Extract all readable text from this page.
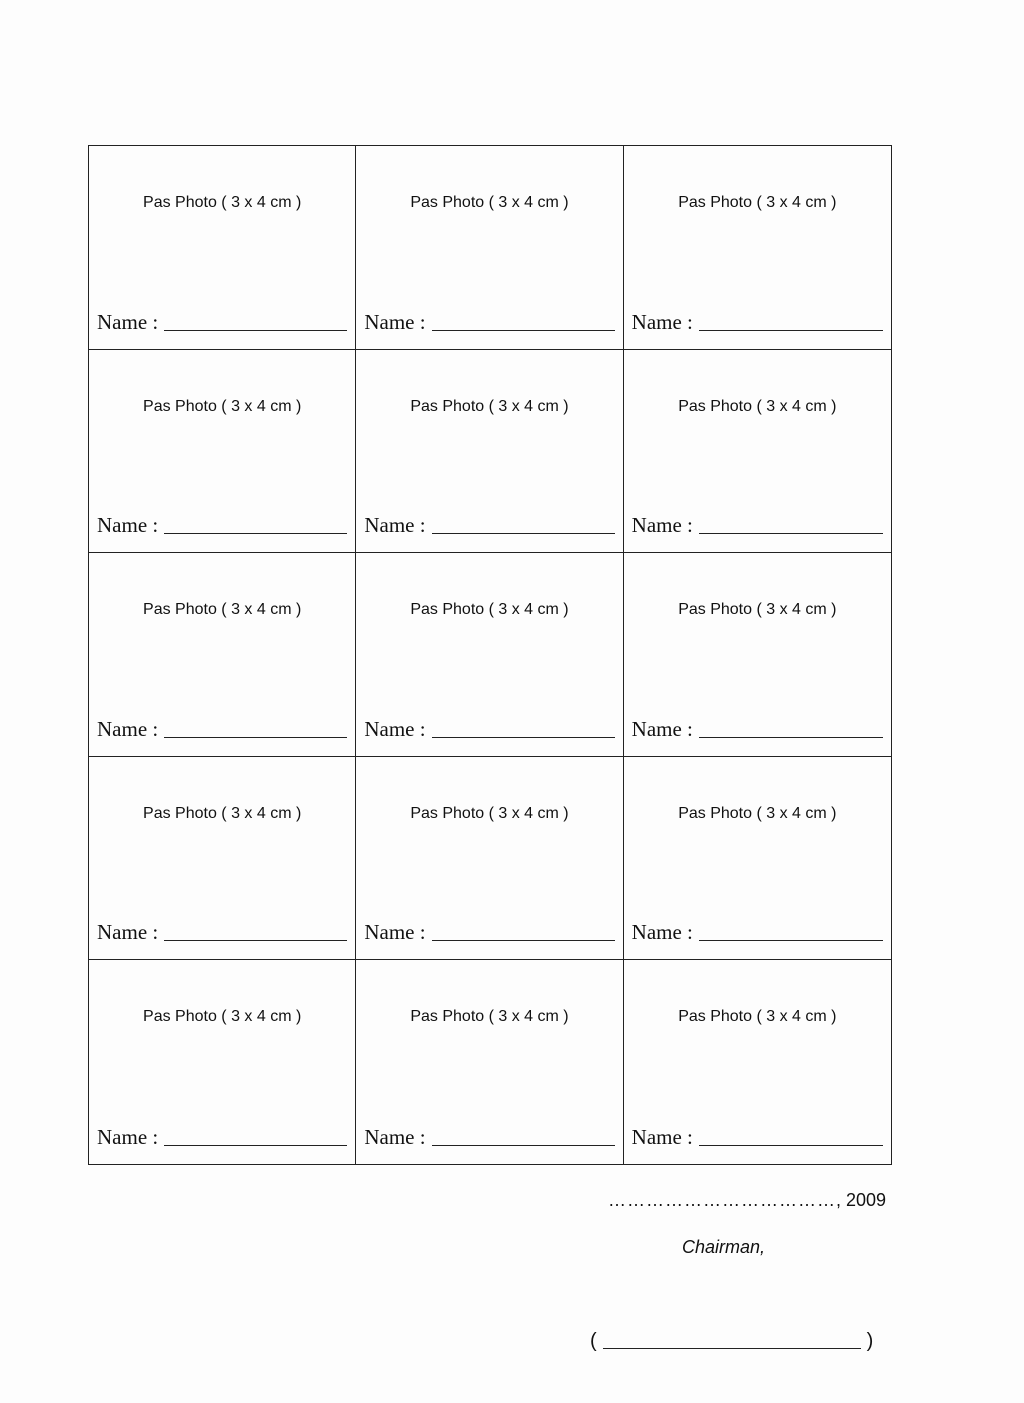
Pas Photo ( 3 x 4 cm )
Name :
Pas Photo ( 3 x 4 cm )
Name :
Pas Photo ( 3 x 4 cm )
Name :
Pas Photo ( 3 x 4 cm )
Name :
Pas Photo ( 3 x 4 cm )
Name :
Pas Photo ( 3 x 4 cm )
Name :
Pas Photo ( 3 x 4 cm )
Name :
Pas Photo ( 3 x 4 cm )
Name :
Pas Photo ( 3 x 4 cm )
Name :
Pas Photo ( 3 x 4 cm )
Name :
Pas Photo ( 3 x 4 cm )
Name :
Pas Photo ( 3 x 4 cm )
Name :
Pas Photo ( 3 x 4 cm )
Name :
Pas Photo ( 3 x 4 cm )
Name :
Pas Photo ( 3 x 4 cm )
Name :
………………………………, 2009
Chairman,
(	)
